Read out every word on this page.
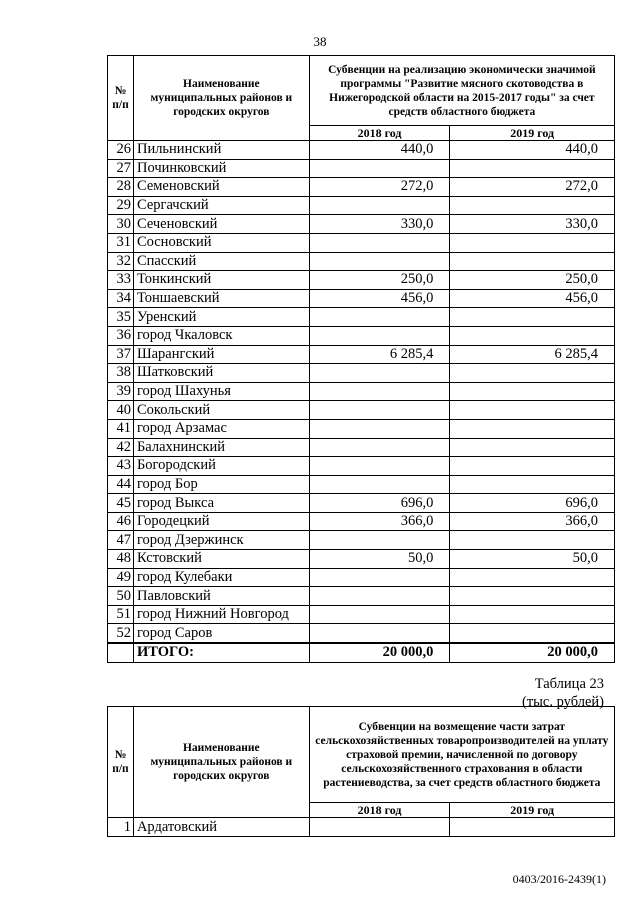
38
№
п/п	Наименование муниципальных районов и городских округов	Субвенции на реализацию экономически значимой программы "Развитие мясного скотоводства в Нижегородской области на 2015-2017 годы" за счет средств областного бюджета	
		2018 год	2019 год
26	Пильнинский	440,0	440,0
27	Починковский		
28	Семеновский	272,0	272,0
29	Сергачский		
30	Сеченовский	330,0	330,0
31	Сосновский		
32	Спасский		
33	Тонкинский	250,0	250,0
34	Тоншаевский	456,0	456,0
35	Уренский		
36	город Чкаловск		
37	Шарангский	6 285,4	6 285,4
38	Шатковский		
39	город Шахунья		
40	Сокольский		
41	город Арзамас		
42	Балахнинский		
43	Богородский		
44	город Бор		
45	город Выкса	696,0	696,0
46	Городецкий	366,0	366,0
47	город Дзержинск		
48	Кстовский	50,0	50,0
49	город Кулебаки		
50	Павловский		
51	город Нижний Новгород		
52	город Саров		
	ИТОГО:	20 000,0	20 000,0
Таблица 23
(тыс. рублей)
№
п/п	Наименование муниципальных районов и городских округов	Субвенции на возмещение части затрат сельскохозяйственных товаропроизводителей на уплату страховой премии, начисленной по договору сельскохозяйственного страхования в области растениеводства, за счет средств областного бюджета	
		2018 год	2019 год
1	Ардатовский		
0403/2016-2439(1)
